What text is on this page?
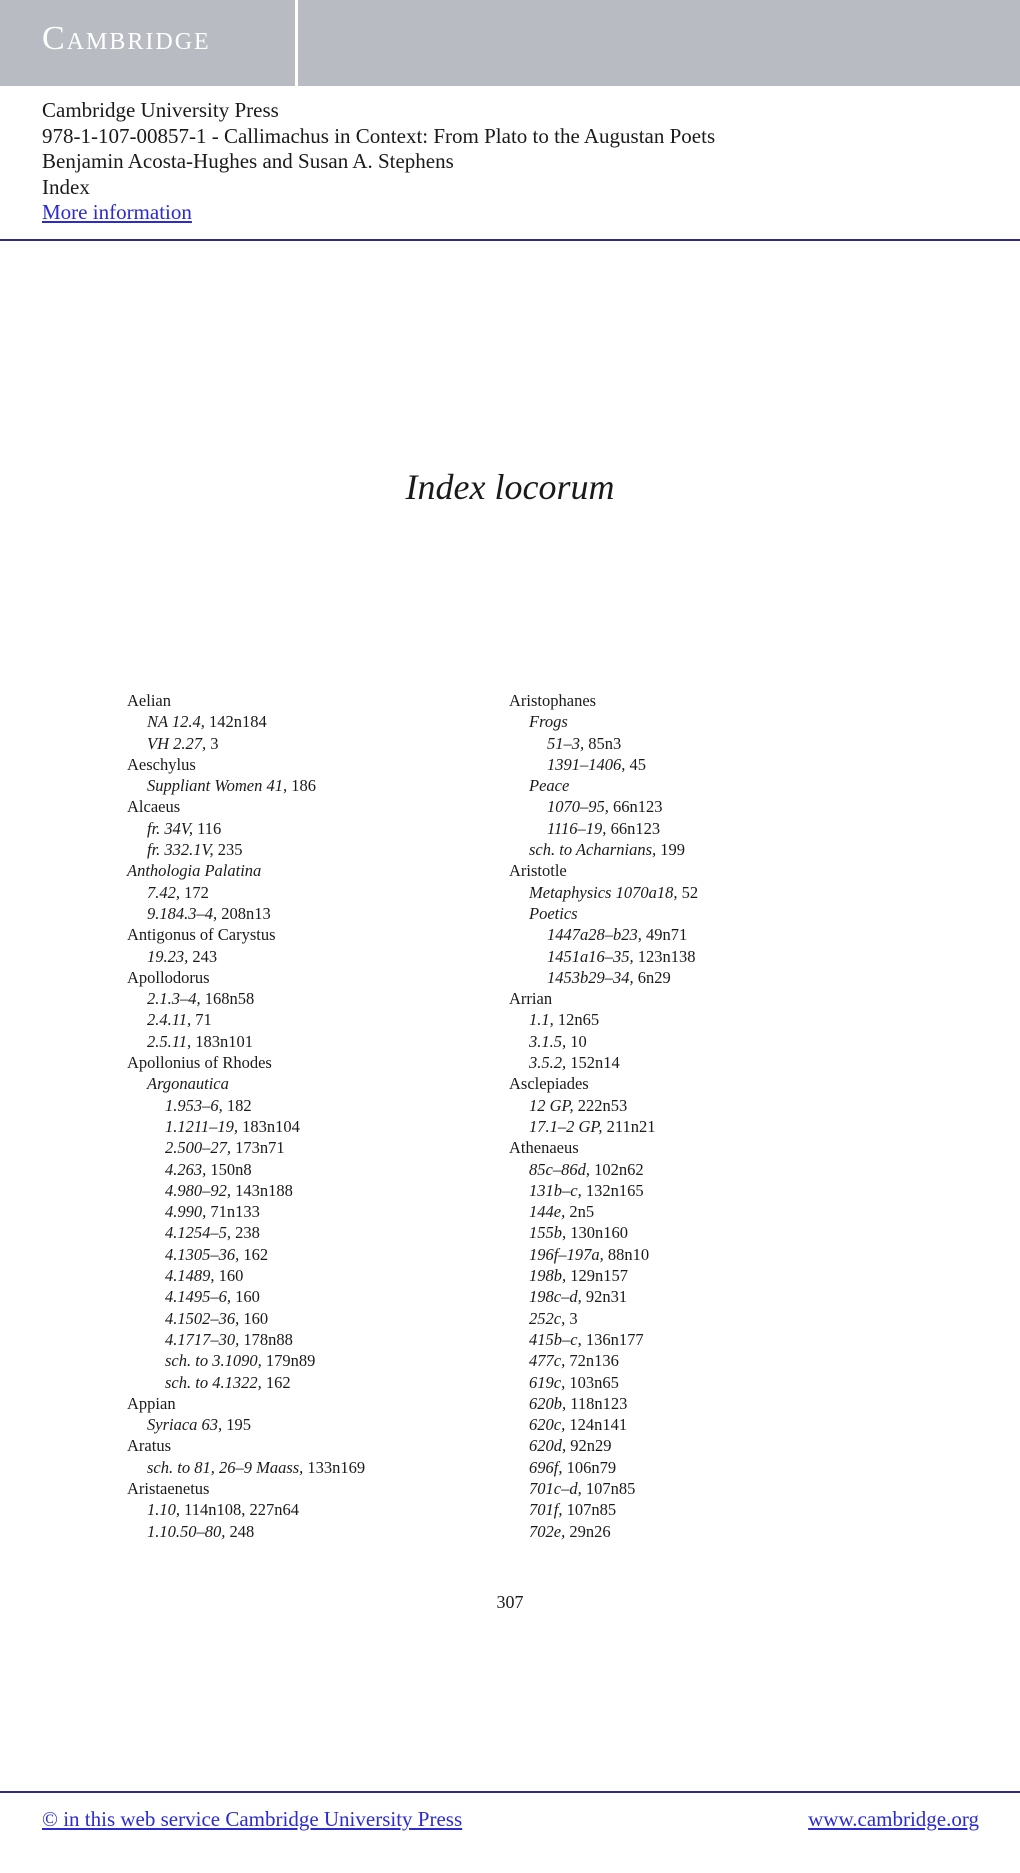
Cambridge
Cambridge University Press
978-1-107-00857-1 - Callimachus in Context: From Plato to the Augustan Poets
Benjamin Acosta-Hughes and Susan A. Stephens
Index
More information
Index locorum
Aelian
NA 12.4, 142n184
VH 2.27, 3
Aeschylus
Suppliant Women 41, 186
Alcaeus
fr. 34V, 116
fr. 332.1V, 235
Anthologia Palatina
7.42, 172
9.184.3–4, 208n13
Antigonus of Carystus
19.23, 243
Apollodorus
2.1.3–4, 168n58
2.4.11, 71
2.5.11, 183n101
Apollonius of Rhodes
Argonautica
1.953–6, 182
1.1211–19, 183n104
2.500–27, 173n71
4.263, 150n8
4.980–92, 143n188
4.990, 71n133
4.1254–5, 238
4.1305–36, 162
4.1489, 160
4.1495–6, 160
4.1502–36, 160
4.1717–30, 178n88
sch. to 3.1090, 179n89
sch. to 4.1322, 162
Appian
Syriaca 63, 195
Aratus
sch. to 81, 26–9 Maass, 133n169
Aristaenetus
1.10, 114n108, 227n64
1.10.50–80, 248
Aristophanes
Frogs
51–3, 85n3
1391–1406, 45
Peace
1070–95, 66n123
1116–19, 66n123
sch. to Acharnians, 199
Aristotle
Metaphysics 1070a18, 52
Poetics
1447a28–b23, 49n71
1451a16–35, 123n138
1453b29–34, 6n29
Arrian
1.1, 12n65
3.1.5, 10
3.5.2, 152n14
Asclepiades
12 GP, 222n53
17.1–2 GP, 211n21
Athenaeus
85c–86d, 102n62
131b–c, 132n165
144e, 2n5
155b, 130n160
196f–197a, 88n10
198b, 129n157
198c–d, 92n31
252c, 3
415b–c, 136n177
477c, 72n136
619c, 103n65
620b, 118n123
620c, 124n141
620d, 92n29
696f, 106n79
701c–d, 107n85
701f, 107n85
702e, 29n26
307
© in this web service Cambridge University Press	www.cambridge.org
